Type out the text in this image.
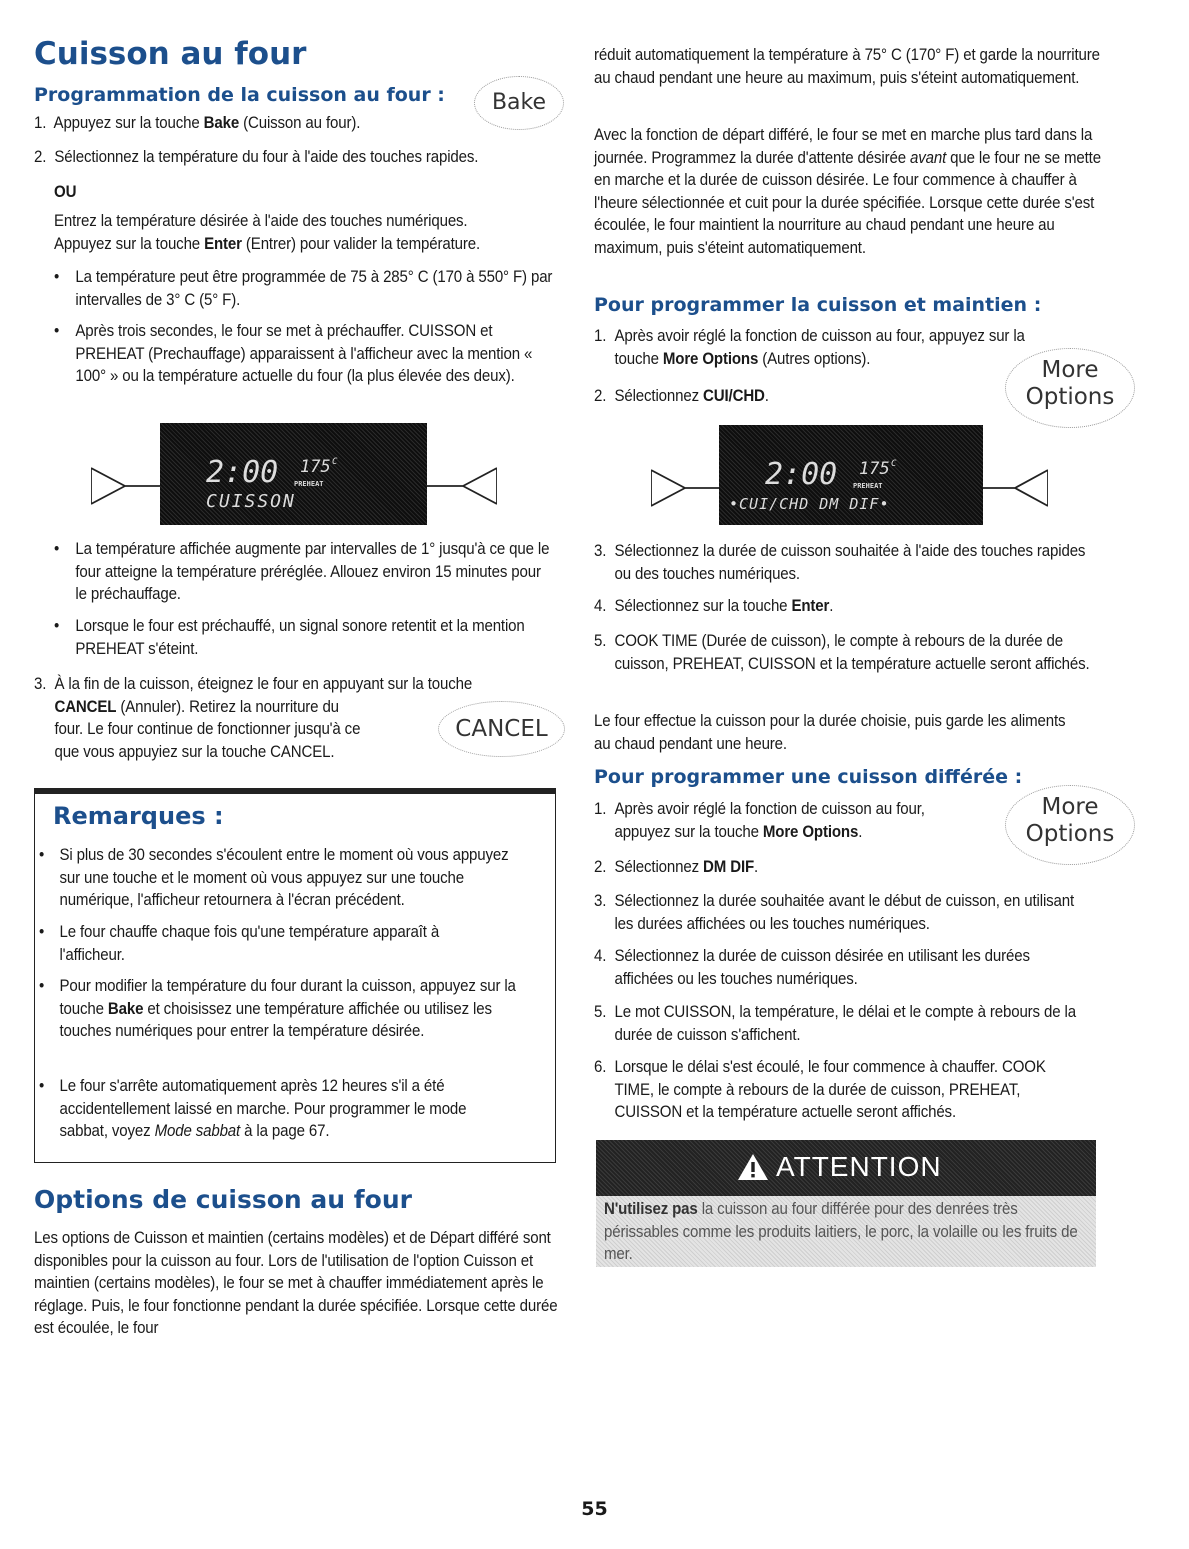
Cuisson au four
Programmation de la cuisson au four :	Bake
1. Appuyez sur la touche Bake (Cuisson au four).
2. Sélectionnez la température du four à l'aide des touches rapides.
OU
Entrez la température désirée à l'aide des touches numériques.
Appuyez sur la touche Enter (Entrer) pour valider la température.
•	La température peut être programmée de 75 à 285° C (170 à 550° F) par intervalles de 3° C (5° F).
•	Après trois secondes, le four se met à préchauffer. CUISSON et PREHEAT (Prechauffage) apparaissent à l'afficheur avec la mention « 100° » ou la température actuelle du four (la plus élevée des deux).
2:00 175 C
PREHEAT
CUISSON
•	La température affichée augmente par intervalles de 1° jusqu'à ce que le four atteigne la température préréglée. Allouez environ 15 minutes pour le préchauffage.
•	Lorsque le four est préchauffé, un signal sonore retentit et la mention PREHEAT s'éteint.
3. À la fin de la cuisson, éteignez le four en appuyant sur la touche
CANCEL (Annuler). Retirez la nourriture du
four. Le four continue de fonctionner jusqu'à ce
que vous appuyiez sur la touche CANCEL.
CANCEL
Remarques :
• Si plus de 30 secondes s'écoulent entre le moment où vous appuyez sur une touche et le moment où vous appuyez sur une touche numérique, l'afficheur retournera à l'écran précédent.
• Le four chauffe chaque fois qu'une température apparaît à l'afficheur.
• Pour modifier la température du four durant la cuisson, appuyez sur la touche Bake et choisissez une température affichée ou utilisez les touches numériques pour entrer la température désirée.
• Le four s'arrête automatiquement après 12 heures s'il a été accidentellement laissé en marche. Pour programmer le mode sabbat, voyez Mode sabbat à la page 67.
Options de cuisson au four
Les options de Cuisson et maintien (certains modèles) et de Départ différé sont disponibles pour la cuisson au four. Lors de l'utilisation de l'option Cuisson et maintien (certains modèles), le four se met à chauffer immédiatement après le réglage. Puis, le four fonctionne pendant la durée spécifiée. Lorsque cette durée est écoulée, le four
réduit automatiquement la température à 75° C (170° F) et garde la nourriture au chaud pendant une heure au maximum, puis s'éteint automatiquement.
Avec la fonction de départ différé, le four se met en marche plus tard dans la journée. Programmez la durée d'attente désirée avant que le four ne se mette en marche et la durée de cuisson désirée. Le four commence à chauffer à l'heure sélectionnée et cuit pour la durée spécifiée. Lorsque cette durée s'est écoulée, le four maintient la nourriture au chaud pendant une heure au maximum, puis s'éteint automatiquement.
Pour programmer la cuisson et maintien :
1. Après avoir réglé la fonction de cuisson au four, appuyez sur la
touche More Options (Autres options).
2. Sélectionnez CUI/CHD.
More
Options
2:00 175 C
PREHEAT
•CUI/CHD DM DIF•
3. Sélectionnez la durée de cuisson souhaitée à l'aide des touches rapides ou des touches numériques.
4. Sélectionnez sur la touche Enter.
5. COOK TIME (Durée de cuisson), le compte à rebours de la durée de cuisson, PREHEAT, CUISSON et la température actuelle seront affichés.
Le four effectue la cuisson pour la durée choisie, puis garde les aliments au chaud pendant une heure.
Pour programmer une cuisson différée :
1. Après avoir réglé la fonction de cuisson au four,
appuyez sur la touche More Options.
More
Options
2. Sélectionnez DM DIF.
3. Sélectionnez la durée souhaitée avant le début de cuisson, en utilisant les durées affichées ou les touches numériques.
4. Sélectionnez la durée de cuisson désirée en utilisant les durées affichées ou les touches numériques.
5. Le mot CUISSON, la température, le délai et le compte à rebours de la durée de cuisson s'affichent.
6. Lorsque le délai s'est écoulé, le four commence à chauffer. COOK TIME, le compte à rebours de la durée de cuisson, PREHEAT, CUISSON et la température actuelle seront affichés.
ATTENTION
N'utilisez pas la cuisson au four différée pour des denrées très périssables comme les produits laitiers, le porc, la volaille ou les fruits de mer.
55
